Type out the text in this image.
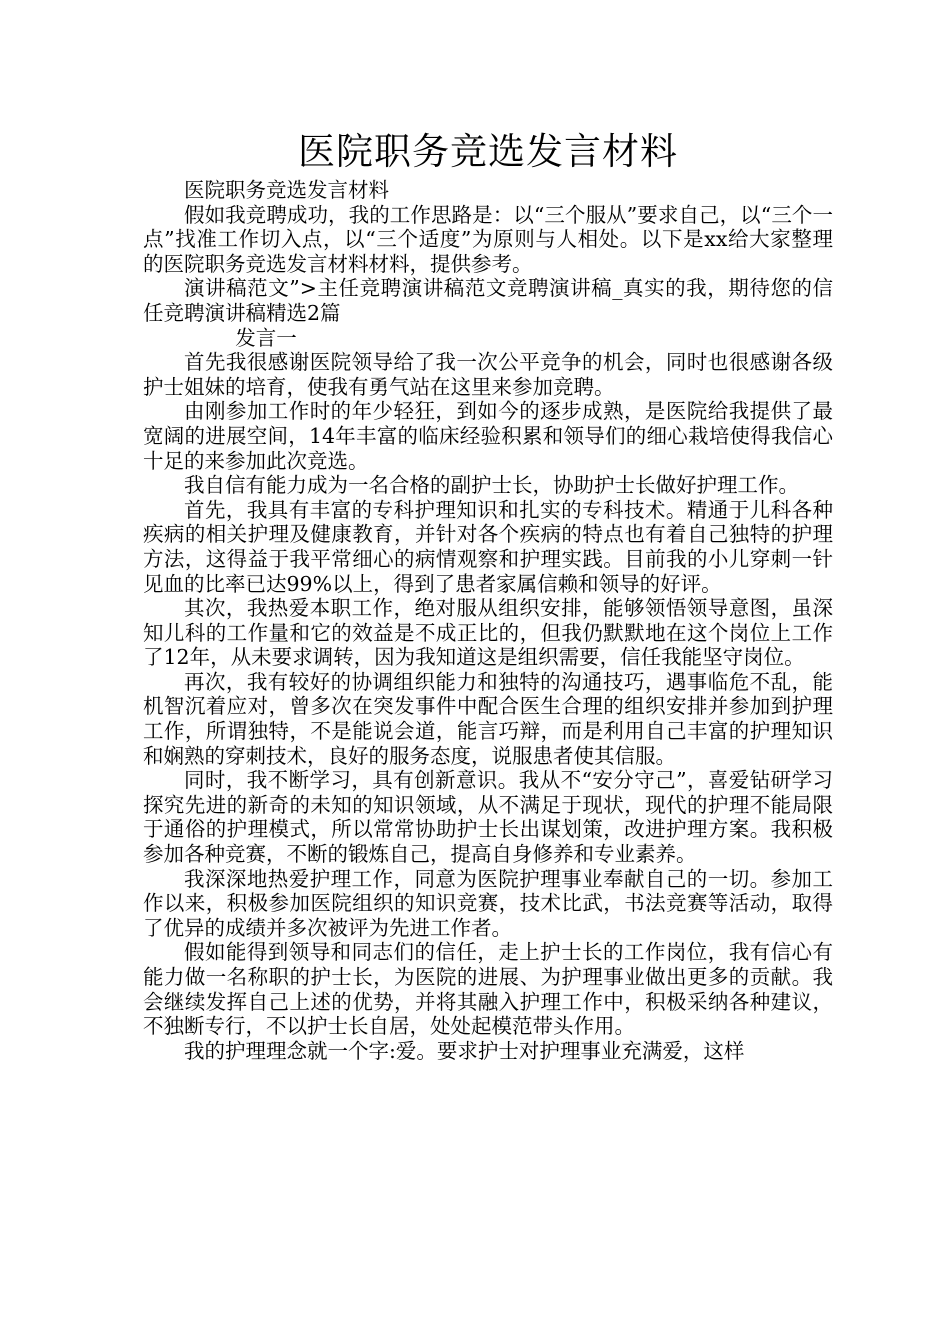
医院职务竞选发言材料

医院职务竞选发言材料

假如我竞聘成功，我的工作思路是：以“三个服从”要求自己，以“三个一点”找准工作切入点，以“三个适度”为原则与人相处。以下是xx给大家整理的医院职务竞选发言材料材料，提供参考。

演讲稿范文”>主任竞聘演讲稿范文竞聘演讲稿_真实的我，期待您的信任竞聘演讲稿精选2篇

发言一

首先我很感谢医院领导给了我一次公平竞争的机会，同时也很感谢各级护士姐妹的培育，使我有勇气站在这里来参加竞聘。

由刚参加工作时的年少轻狂，到如今的逐步成熟，是医院给我提供了最宽阔的进展空间，14年丰富的临床经验积累和领导们的细心栽培使得我信心十足的来参加此次竞选。

我自信有能力成为一名合格的副护士长，协助护士长做好护理工作。

首先，我具有丰富的专科护理知识和扎实的专科技术。精通于儿科各种疾病的相关护理及健康教育，并针对各个疾病的特点也有着自己独特的护理方法，这得益于我平常细心的病情观察和护理实践。目前我的小儿穿刺一针见血的比率已达99%以上，得到了患者家属信赖和领导的好评。

其次，我热爱本职工作，绝对服从组织安排，能够领悟领导意图，虽深知儿科的工作量和它的效益是不成正比的，但我仍默默地在这个岗位上工作了12年，从未要求调转，因为我知道这是组织需要，信任我能坚守岗位。

再次，我有较好的协调组织能力和独特的沟通技巧，遇事临危不乱，能机智沉着应对，曾多次在突发事件中配合医生合理的组织安排并参加到护理工作，所谓独特，不是能说会道，能言巧辩，而是利用自己丰富的护理知识和娴熟的穿刺技术，良好的服务态度，说服患者使其信服。

同时，我不断学习，具有创新意识。我从不“安分守己”，喜爱钻研学习探究先进的新奇的未知的知识领域，从不满足于现状，现代的护理不能局限于通俗的护理模式，所以常常协助护士长出谋划策，改进护理方案。我积极参加各种竞赛，不断的锻炼自己，提高自身修养和专业素养。

我深深地热爱护理工作，同意为医院护理事业奉献自己的一切。参加工作以来，积极参加医院组织的知识竞赛，技术比武，书法竞赛等活动，取得了优异的成绩并多次被评为先进工作者。

假如能得到领导和同志们的信任，走上护士长的工作岗位，我有信心有能力做一名称职的护士长，为医院的进展、为护理事业做出更多的贡献。我会继续发挥自己上述的优势，并将其融入护理工作中，积极采纳各种建议，不独断专行，不以护士长自居，处处起模范带头作用。

我的护理理念就一个字:爱。要求护士对护理事业充满爱，这样
